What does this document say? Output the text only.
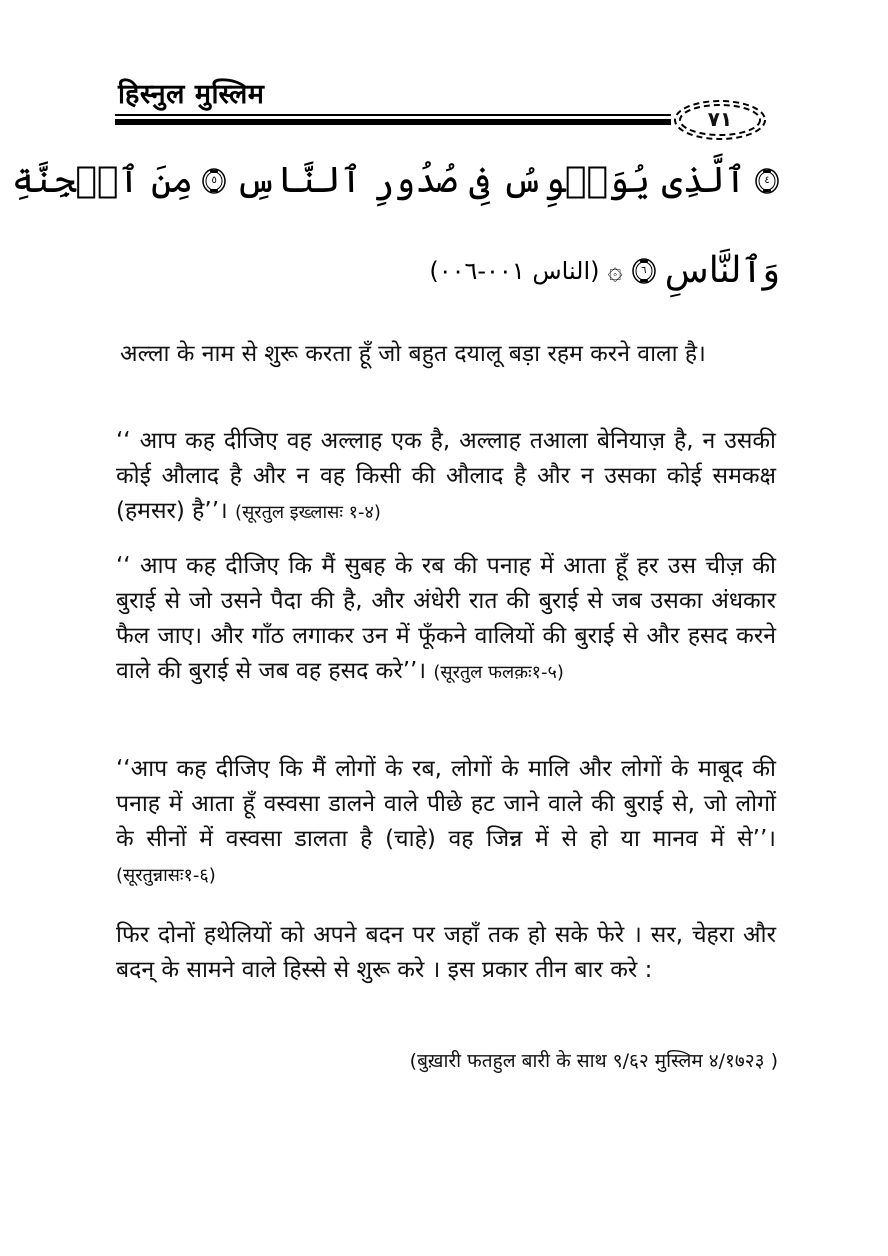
हिस्नुल मुस्लिम
٧١
٤
ٱلَّذِى يُوَسۡوِسُ فِى صُدُورِ ٱلنَّاسِ
٥
مِنَ ٱلۡجِنَّةِ
وَٱلنَّاسِ
٦
۞
(الناس ٠٠١-٠٠٦)

अल्ला के नाम से शुरू करता हूँ जो बहुत दयालू बड़ा रहम करने वाला है।

‘‘ आप कह दीजिए वह अल्लाह एक है, अल्लाह तआला बेनियाज़ है, न उसकी कोई औलाद है और न वह किसी की औलाद है और न उसका कोई समकक्ष (हमसर) है’’। (सूरतुल इख्लासः १-४)

‘‘ आप कह दीजिए कि मैं सुबह के रब की पनाह में आता हूँ हर उस चीज़ की बुराई से जो उसने पैदा की है, और अंधेरी रात की बुराई से जब उसका अंधकार फैल जाए। और गाँठ लगाकर उन में फूँकने वालियों की बुराई से और हसद करने वाले की बुराई से जब वह हसद करे’’। (सूरतुल फलक़ः१-५)

‘‘आप कह दीजिए कि मैं लोगों के रब, लोगों के मालि और लोगों के माबूद की पनाह में आता हूँ वस्वसा डालने वाले पीछे हट जाने वाले की बुराई से, जो लोगों के सीनों में वस्वसा डालता है (चाहे) वह जिन्न में से हो या मानव में से’’। (सूरतुन्नासः१-६)

फिर दोनों हथेलियों को अपने बदन पर जहाँ तक हो सके फेरे । सर, चेहरा और बदन् के सामने वाले हिस्से से शुरू करे । इस प्रकार तीन बार करे :

(बुख़ारी फतहुल बारी के साथ ९/६२ मुस्लिम ४/१७२३ )
